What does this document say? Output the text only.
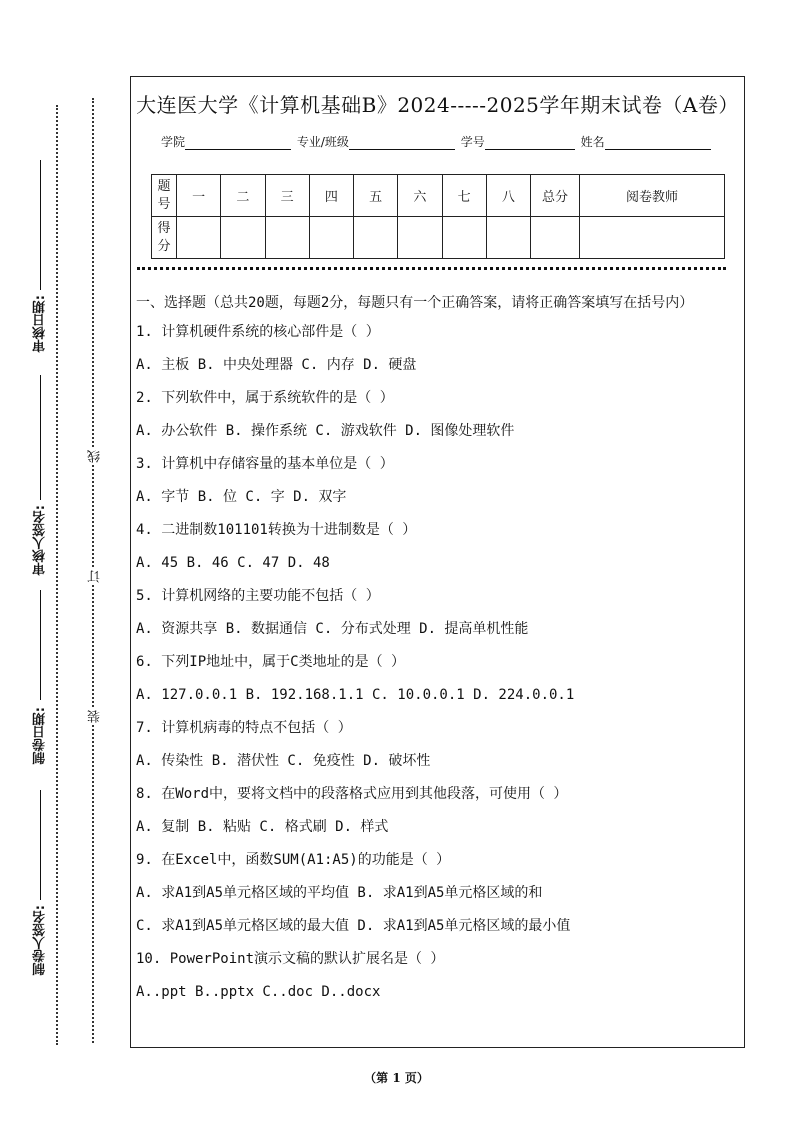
审核日期:
审核人签名:
制卷日期:
制卷人签名:
线
订
装
大连医大学《计算机基础B》2024-----2025学年期末试卷（A卷）
学院	专业/班级	学号	姓名
题号	一	二	三	四	五	六	七	八	总分	阅卷教师
得分										
一、选择题（总共20题，每题2分，每题只有一个正确答案，请将正确答案填写在括号内）
1. 计算机硬件系统的核心部件是（ ）
A. 主板 B. 中央处理器 C. 内存 D. 硬盘
2. 下列软件中，属于系统软件的是（ ）
A. 办公软件 B. 操作系统 C. 游戏软件 D. 图像处理软件
3. 计算机中存储容量的基本单位是（ ）
A. 字节 B. 位 C. 字 D. 双字
4. 二进制数101101转换为十进制数是（ ）
A. 45 B. 46 C. 47 D. 48
5. 计算机网络的主要功能不包括（ ）
A. 资源共享 B. 数据通信 C. 分布式处理 D. 提高单机性能
6. 下列IP地址中，属于C类地址的是（ ）
A. 127.0.0.1 B. 192.168.1.1 C. 10.0.0.1 D. 224.0.0.1
7. 计算机病毒的特点不包括（ ）
A. 传染性 B. 潜伏性 C. 免疫性 D. 破坏性
8. 在Word中，要将文档中的段落格式应用到其他段落，可使用（ ）
A. 复制 B. 粘贴 C. 格式刷 D. 样式
9. 在Excel中，函数SUM(A1:A5)的功能是（ ）
A. 求A1到A5单元格区域的平均值 B. 求A1到A5单元格区域的和
C. 求A1到A5单元格区域的最大值 D. 求A1到A5单元格区域的最小值
10. PowerPoint演示文稿的默认扩展名是（ ）
A..ppt B..pptx C..doc D..docx
（第 1 页）
